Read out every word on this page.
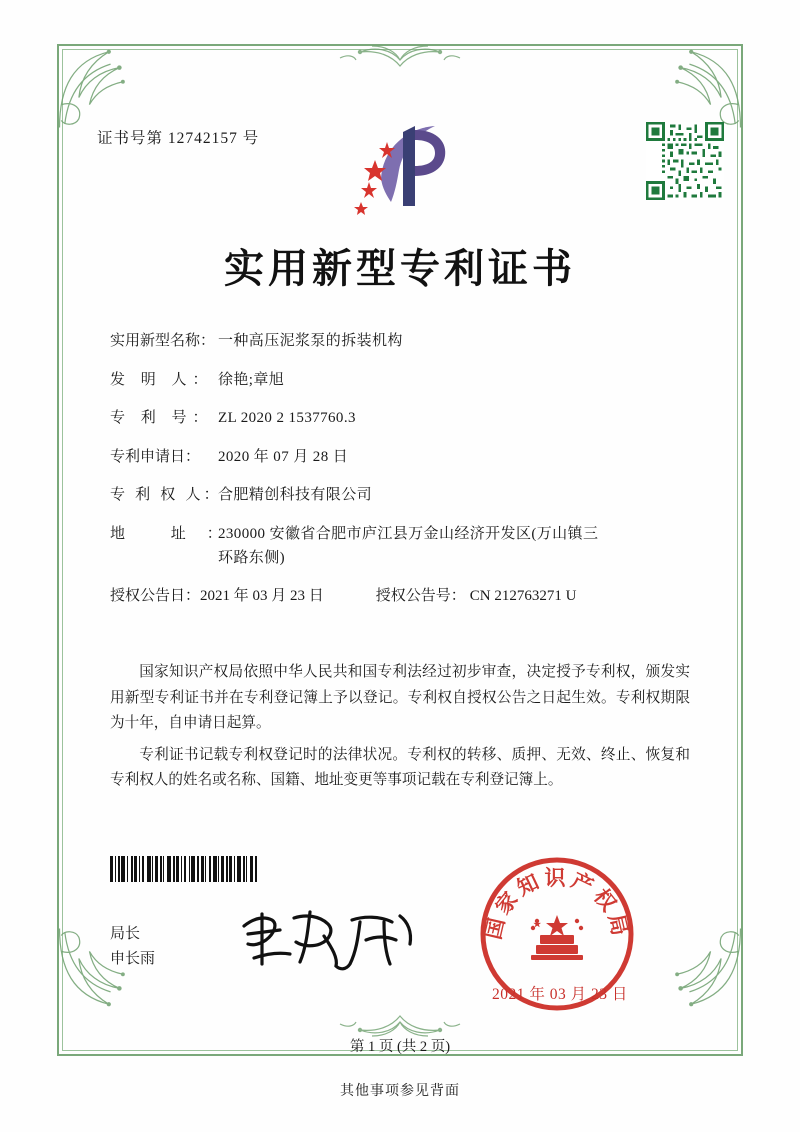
证书号第 12742157 号
实用新型专利证书
实用新型名称： 一种高压泥浆泵的拆装机构
发 明 人： 徐艳;章旭
专 利 号： ZL 2020 2 1537760.3
专利申请日：	2020 年 07 月 28 日
专 利 权 人：
合肥精创科技有限公司
地 址：
230000 安徽省合肥市庐江县万金山经济开发区(万山镇三
环路东侧)
授权公告日： 2021 年 03 月 23 日	授权公告号： CN 212763271 U

国家知识产权局依照中华人民共和国专利法经过初步审查，决定授予专利权，颁发实用新型专利证书并在专利登记簿上予以登记。专利权自授权公告之日起生效。专利权期限为十年，自申请日起算。

专利证书记载专利权登记时的法律状况。专利权的转移、质押、无效、终止、恢复和专利权人的姓名或名称、国籍、地址变更等事项记载在专利登记簿上。

局长
申长雨
国家知识产权局
2021 年 03 月 23 日
第 1 页 (共 2 页)
其他事项参见背面
